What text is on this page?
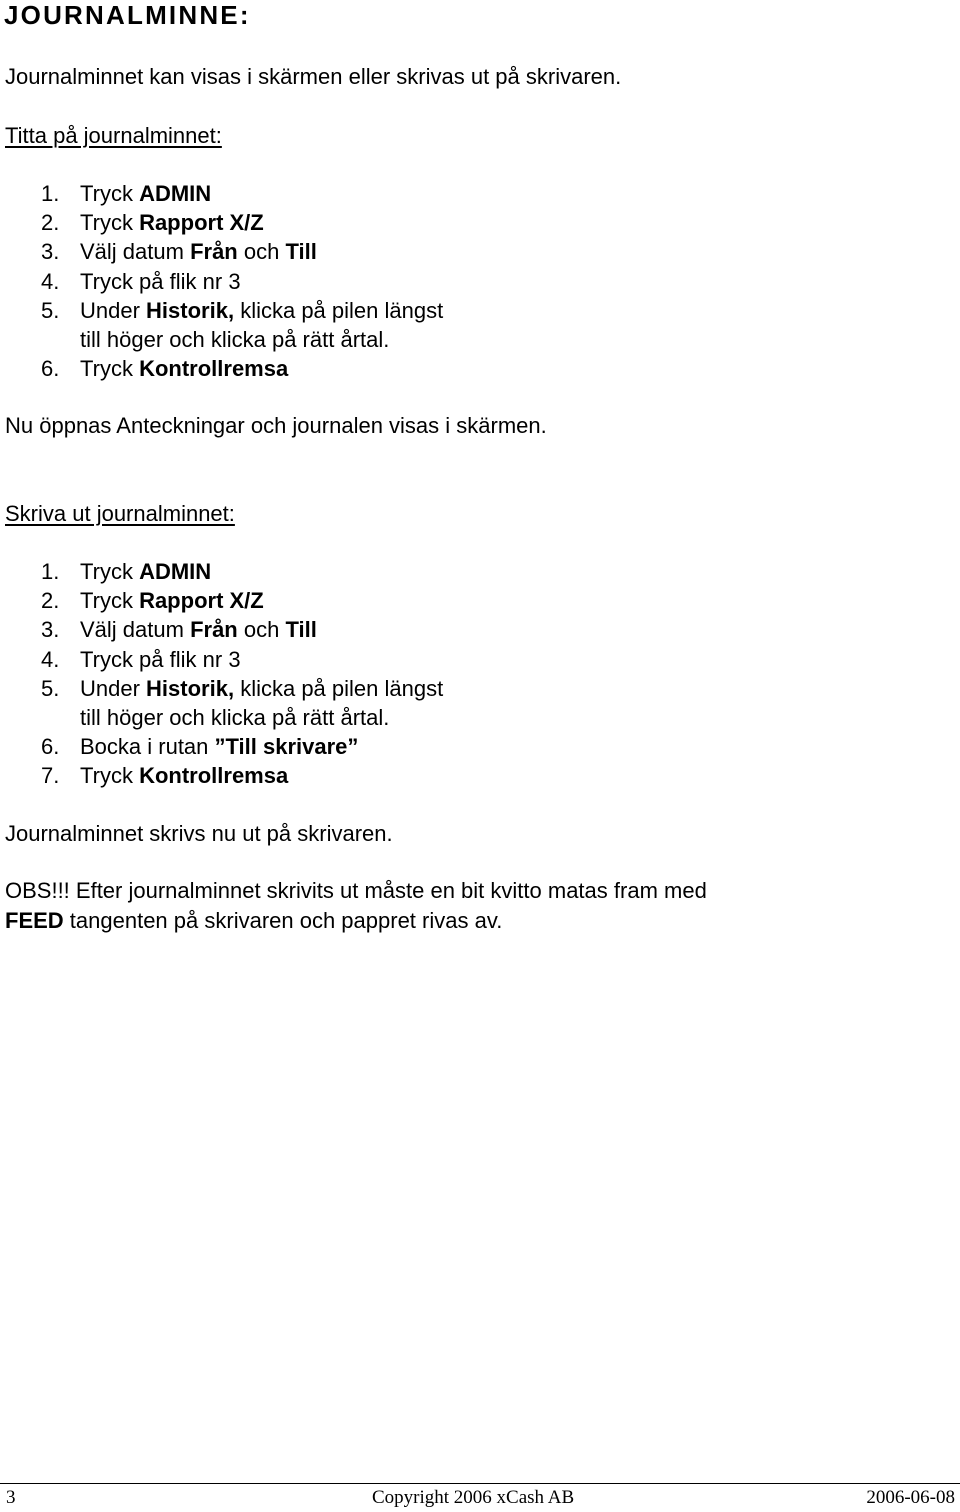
JOURNALMINNE:

Journalminnet kan visas i skärmen eller skrivas ut på skrivaren.

Titta på journalminnet:

1. Tryck ADMIN
2. Tryck Rapport X/Z
3. Välj datum Från och Till
4. Tryck på flik nr 3
5. Under Historik, klicka på pilen längst
till höger och klicka på rätt årtal.
6. Tryck Kontrollremsa

Nu öppnas Anteckningar och journalen visas i skärmen.

Skriva ut journalminnet:

1. Tryck ADMIN
2. Tryck Rapport X/Z
3. Välj datum Från och Till
4. Tryck på flik nr 3
5. Under Historik, klicka på pilen längst
till höger och klicka på rätt årtal.
6. Bocka i rutan ”Till skrivare”
7. Tryck Kontrollremsa

Journalminnet skrivs nu ut på skrivaren.

OBS!!! Efter journalminnet skrivits ut måste en bit kvitto matas fram med FEED tangenten på skrivaren och pappret rivas av.

3	Copyright 2006 xCash AB	2006-06-08
